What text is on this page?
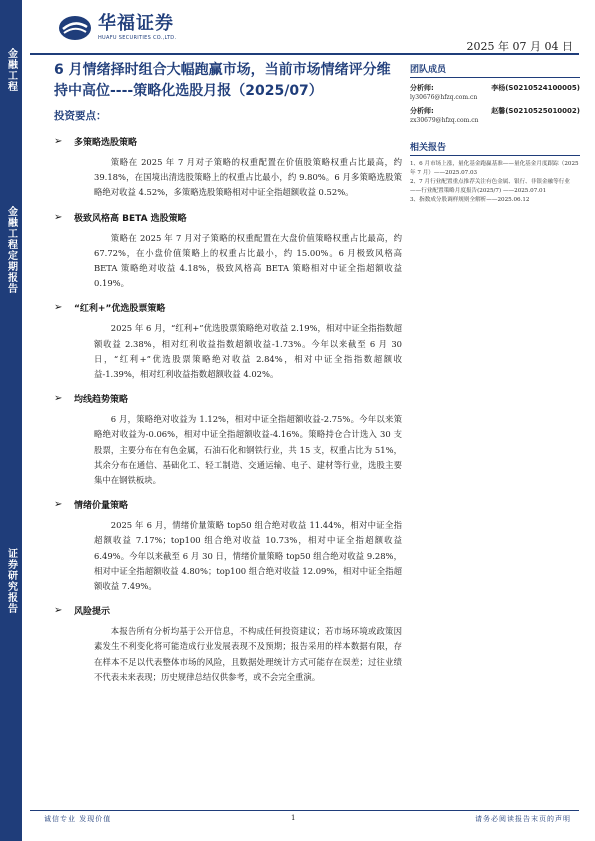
金融工程
金融工程定期报告
证券研究报告
华福证券
HUAFU SECURITIES CO.,LTD.
2025 年 07 月 04 日
6 月情绪择时组合大幅跑赢市场，当前市场情绪评分维持中高位----策略化选股月报（2025/07）
投资要点：
➢	多策略选股策略

策略在 2025 年 7 月对子策略的权重配置在价值股策略权重占比最高，约 39.18%，在国境出清选股策略上的权重占比最小，约 9.80%。6 月多策略选股策略绝对收益 4.52%，多策略选股策略相对中证全指超额收益 0.52%。

➢	极致风格高 BETA 选股策略

策略在 2025 年 7 月对子策略的权重配置在大盘价值策略权重占比最高，约 67.72%，在小盘价值策略上的权重占比最小，约 15.00%。6 月极致风格高 BETA 策略绝对收益 4.18%，极致风格高 BETA 策略相对中证全指超额收益 0.19%。

➢	“红利+”优选股票策略

2025 年 6 月，“红利+”优选股票策略绝对收益 2.19%，相对中证全指指数超额收益 2.38%，相对红利收益指数超额收益-1.73%。今年以来截至 6 月 30 日，“红利+”优选股票策略绝对收益 2.84%，相对中证全指指数超额收益-1.39%，相对红利收益指数超额收益 4.02%。

➢	均线趋势策略

6 月，策略绝对收益为 1.12%，相对中证全指超额收益-2.75%。今年以来策略绝对收益为-0.06%，相对中证全指超额收益-4.16%。策略持仓合计选入 30 支股票，主要分布在有色金属，石油石化和钢铁行业，共 15 支，权重占比为 51%，其余分布在通信、基础化工、轻工制造、交通运输、电子、建材等行业，选股主要集中在钢铁板块。

➢	情绪价量策略

2025 年 6 月，情绪价量策略 top50 组合绝对收益 11.44%，相对中证全指超额收益 7.17%；top100 组合绝对收益 10.73%，相对中证全指超额收益 6.49%。今年以来截至 6 月 30 日，情绪价量策略 top50 组合绝对收益 9.28%，相对中证全指超额收益 4.80%；top100 组合绝对收益 12.09%，相对中证全指超额收益 7.49%。

➢	风险提示

本报告所有分析均基于公开信息，不构成任何投资建议；若市场环境或政策因素发生不利变化将可能造成行业发展表现不及预期；报告采用的样本数据有限，存在样本不足以代表整体市场的风险，且数据处理统计方式可能存在误差；过往业绩不代表未来表现；历史规律总结仅供参考，或不会完全重演。

团队成员
分析师:	李杨(S0210524100005)
ly30676@hfzq.com.cn
分析师:	赵馨(S0210525010002)
zx30679@hfzq.com.cn
相关报告
1、6 月市场上涨，量化基金跑赢基准——量化基金月度跟踪（2025 年 7 月）——2025.07.03
2、7 月行业配置重点推荐关注有色金属、银行、非银金融等行业——行业配置策略月度报告(2025/7) ——2025.07.01
3、指数成分股调样规则全解析——2025.06.12
诚信专业 发现价值	1	请务必阅读报告末页的声明
